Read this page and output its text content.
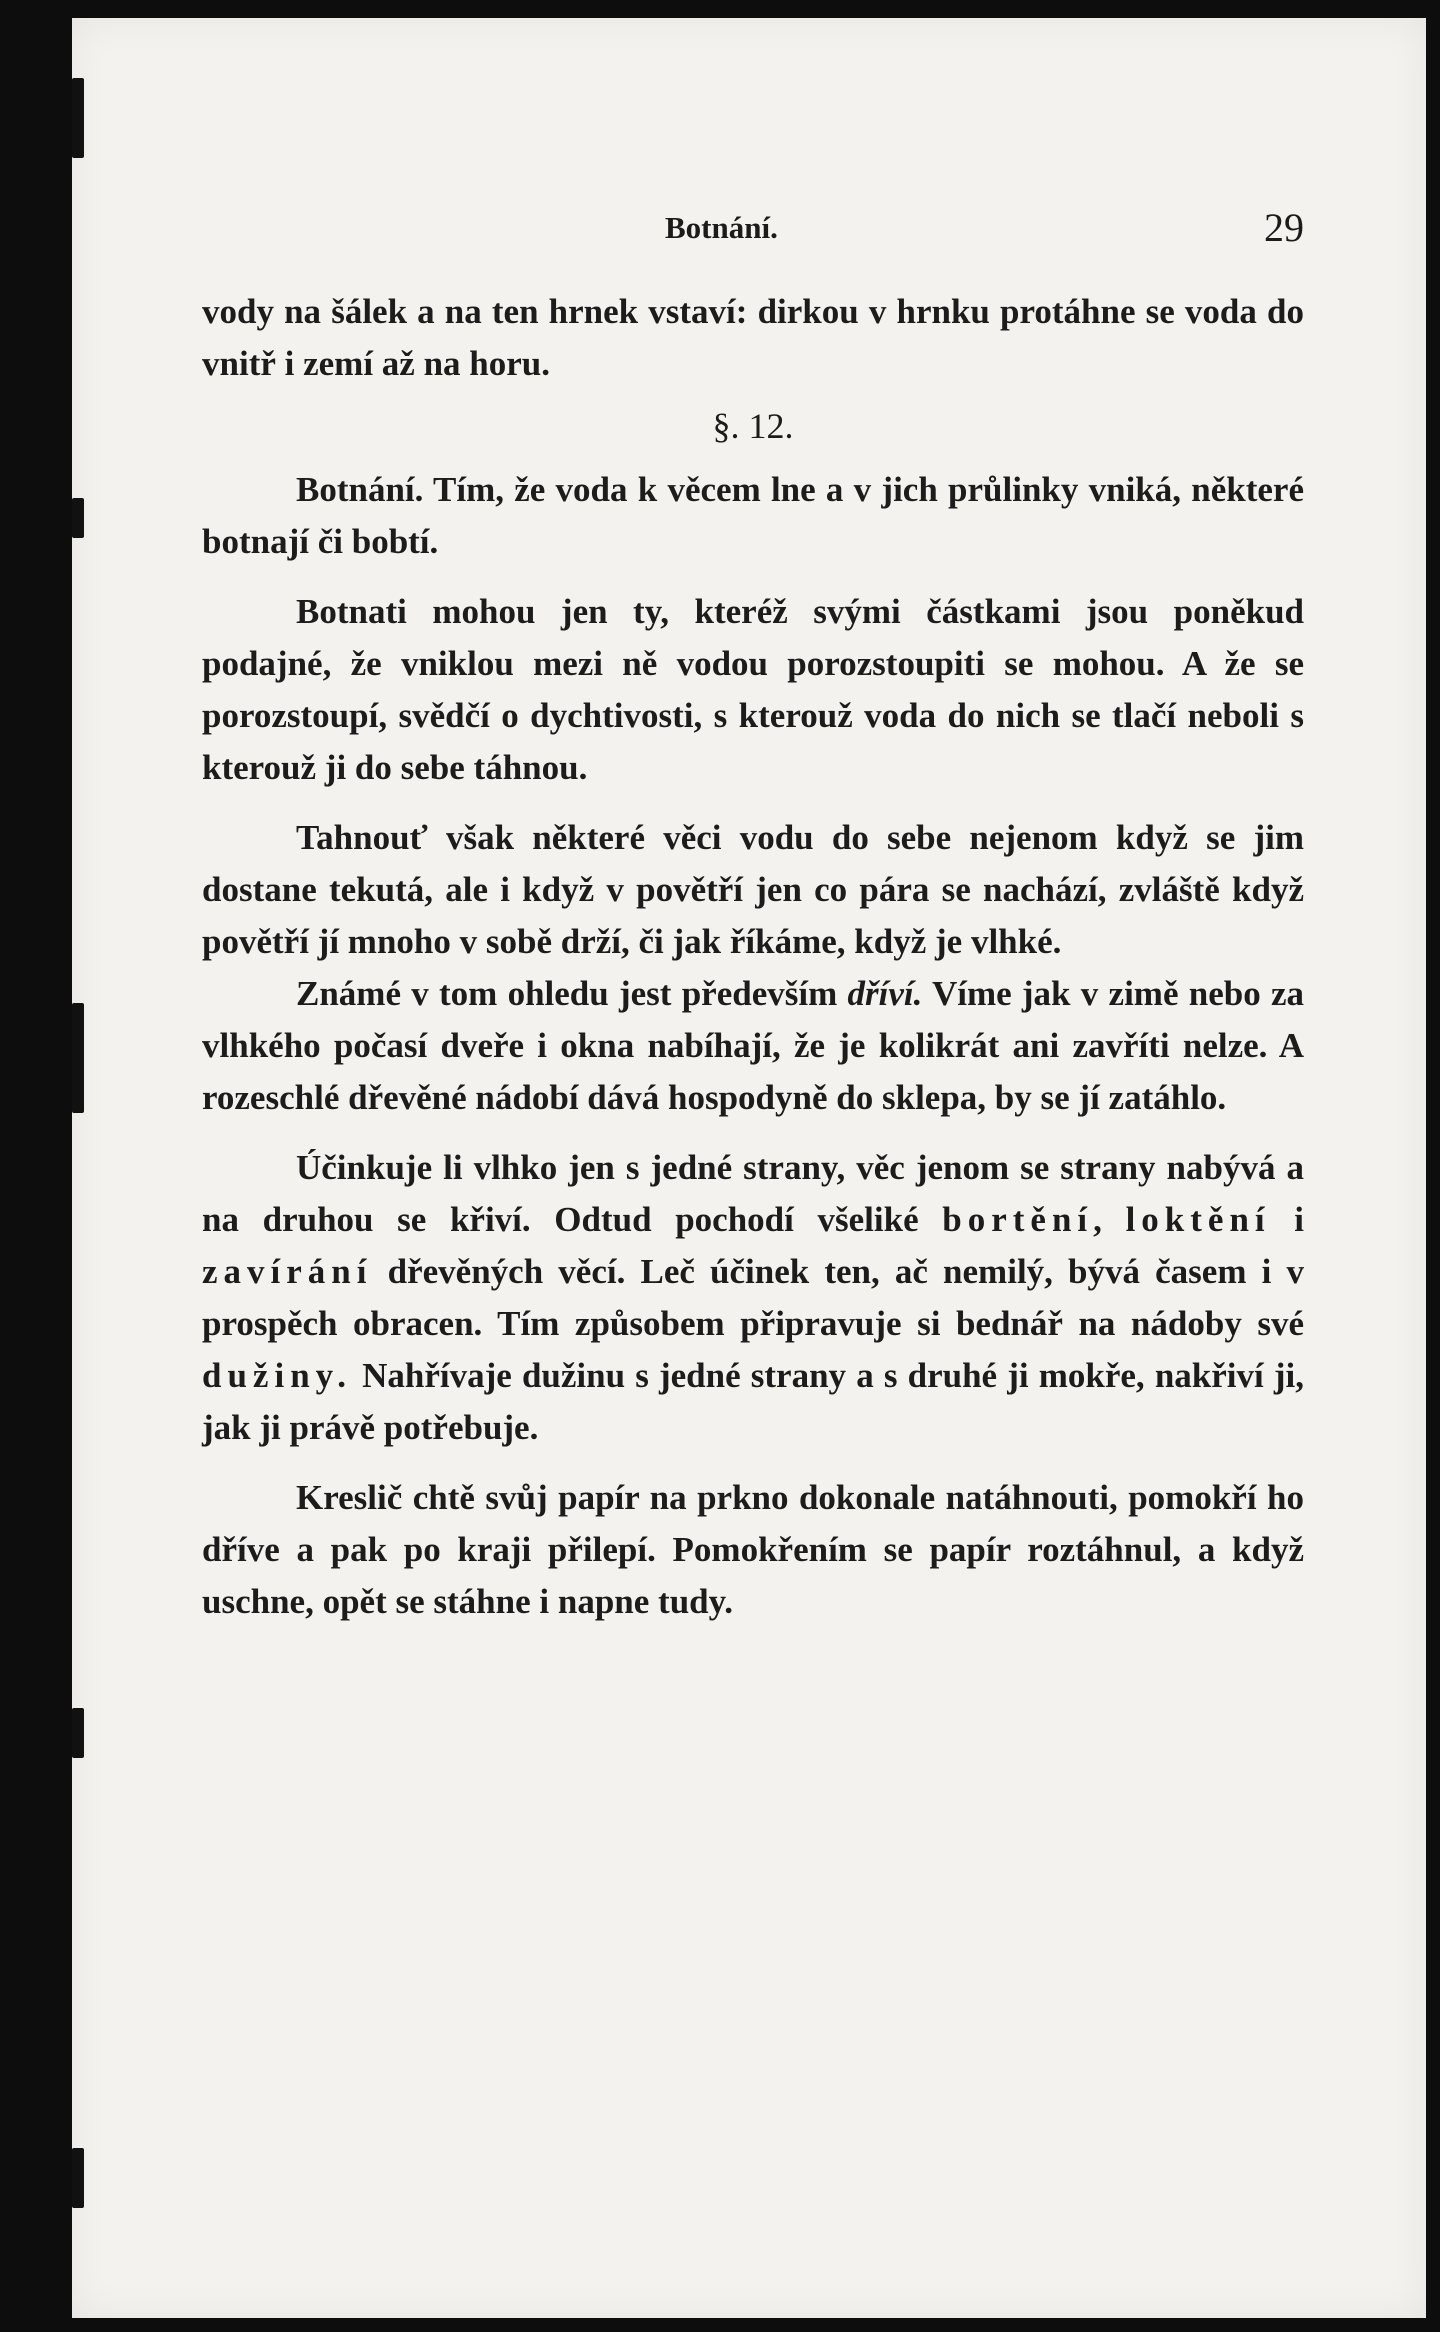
Botnání.	29

vody na šálek a na ten hrnek vstaví: dirkou v hrnku protáhne se voda do vnitř i zemí až na horu.

§. 12.

Botnání. Tím, že voda k věcem lne a v jich průlinky vniká, některé botnají či bobtí.

Botnati mohou jen ty, kteréž svými částkami jsou poněkud podajné, že vniklou mezi ně vodou porozstoupiti se mohou. A že se porozstoupí, svědčí o dychtivosti, s kterouž voda do nich se tlačí neboli s kterouž ji do sebe táhnou.

Tahnouť však některé věci vodu do sebe nejenom když se jim dostane tekutá, ale i když v povětří jen co pára se nachází, zvláště když povětří jí mnoho v sobě drží, či jak říkáme, když je vlhké.

Známé v tom ohledu jest především dříví. Víme jak v zimě nebo za vlhkého počasí dveře i okna nabíhají, že je kolikrát ani zavříti nelze. A rozeschlé dřevěné nádobí dává hospodyně do sklepa, by se jí zatáhlo.

Účinkuje li vlhko jen s jedné strany, věc jenom se strany nabývá a na druhou se křiví. Odtud pochodí všeliké bortění, loktění i zavírání dřevěných věcí. Leč účinek ten, ač nemilý, bývá časem i v prospěch obracen. Tím způsobem připravuje si bednář na nádoby své dužiny. Nahřívaje dužinu s jedné strany a s druhé ji mokře, nakřiví ji, jak ji právě potřebuje.

Kreslič chtě svůj papír na prkno dokonale natáhnouti, pomokří ho dříve a pak po kraji přilepí. Pomokřením se papír roztáhnul, a když uschne, opět se stáhne i napne tudy.
